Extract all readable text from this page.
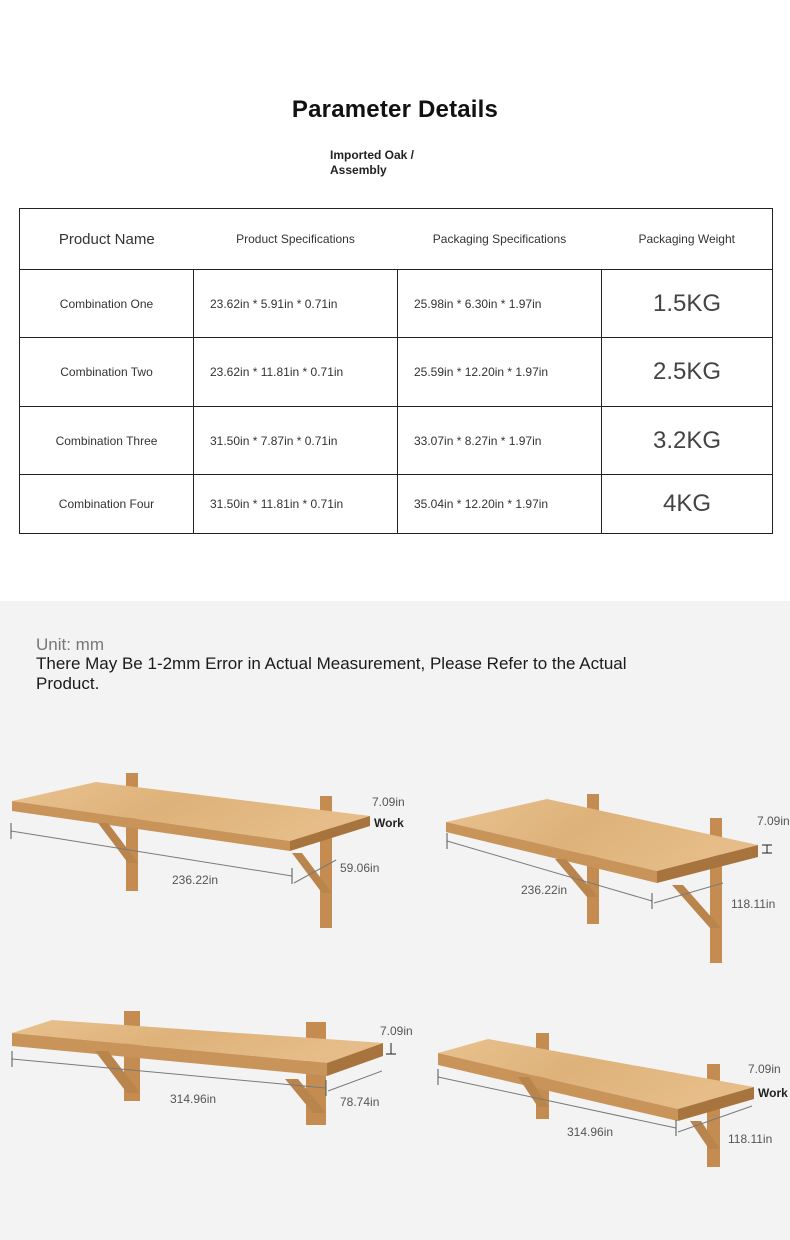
Parameter Details
Imported Oak /
Assembly
Product Name	Product Specifications	Packaging Specifications	Packaging Weight
Combination One	23.62in * 5.91in * 0.71in	25.98in * 6.30in * 1.97in	1.5KG
Combination Two	23.62in * 11.81in * 0.71in	25.59in * 12.20in * 1.97in	2.5KG
Combination Three	31.50in * 7.87in * 0.71in	33.07in * 8.27in * 1.97in	3.2KG
Combination Four	31.50in * 11.81in * 0.71in	35.04in * 12.20in * 1.97in	4KG
Unit: mm
There May Be 1-2mm Error in Actual Measurement, Please Refer to the Actual Product.
236.22in
59.06in
7.09in
Work
236.22in
118.11in
7.09in
314.96in	78.74in
7.09in
314.96in	118.11in
7.09in
Work
